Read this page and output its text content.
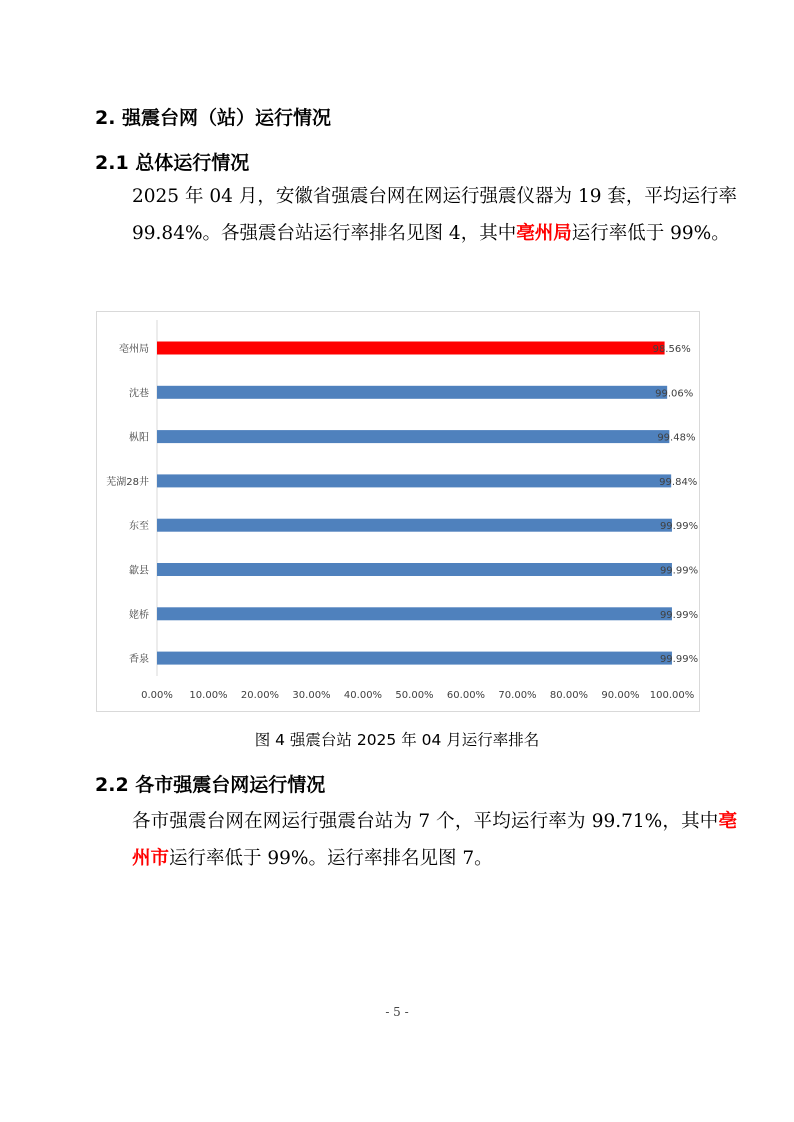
2. 强震台网（站）运行情况
2.1 总体运行情况
2025 年 04 月，安徽省强震台网在网运行强震仪器为 19 套，平均运行率 99.84%。各强震台站运行率排名见图 4，其中亳州局运行率低于 99%。
亳州局	98.56%
沈巷	99.06%
枞阳	99.48%
芜湖28井	99.84%
东至	99.99%
歙县	99.99%
姥桥	99.99%
香泉	99.99%
0.00% 10.00% 20.00% 30.00% 40.00% 50.00% 60.00% 70.00% 80.00% 90.00% 100.00%
图 4 强震台站 2025 年 04 月运行率排名
2.2 各市强震台网运行情况
各市强震台网在网运行强震台站为 7 个，平均运行率为 99.71%，其中亳州市运行率低于 99%。运行率排名见图 7。
- 5 -
